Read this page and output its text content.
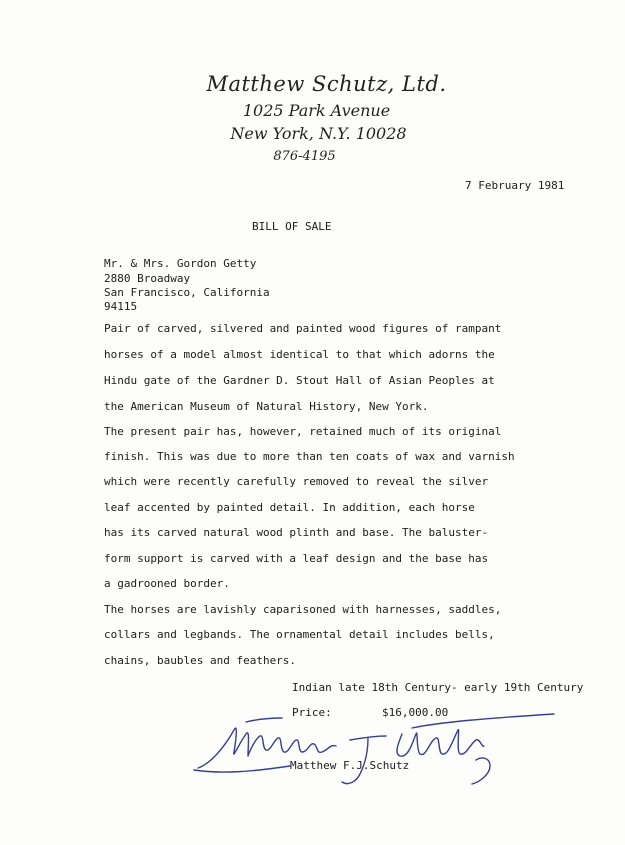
Matthew Schutz, Ltd.
1025 Park Avenue
New York, N.Y. 10028
876-4195
7 February 1981
BILL OF SALE
Mr. & Mrs. Gordon Getty
2880 Broadway
San Francisco, California
94115
Pair of carved, silvered and painted wood figures of rampant
horses of a model almost identical to that which adorns the
Hindu gate of the Gardner D. Stout Hall of Asian Peoples at
the American Museum of Natural History, New York.
The present pair has, however, retained much of its original
finish. This was due to more than ten coats of wax and varnish
which were recently carefully removed to reveal the silver
leaf accented by painted detail. In addition, each horse
has its carved natural wood plinth and base. The baluster-
form support is carved with a leaf design and the base has
a gadrooned border.
The horses are lavishly caparisoned with harnesses, saddles,
collars and legbands. The ornamental detail includes bells,
chains, baubles and feathers.
Indian late 18th Century- early 19th Century
Price:	$16,000.00
Matthew F.J.Schutz
